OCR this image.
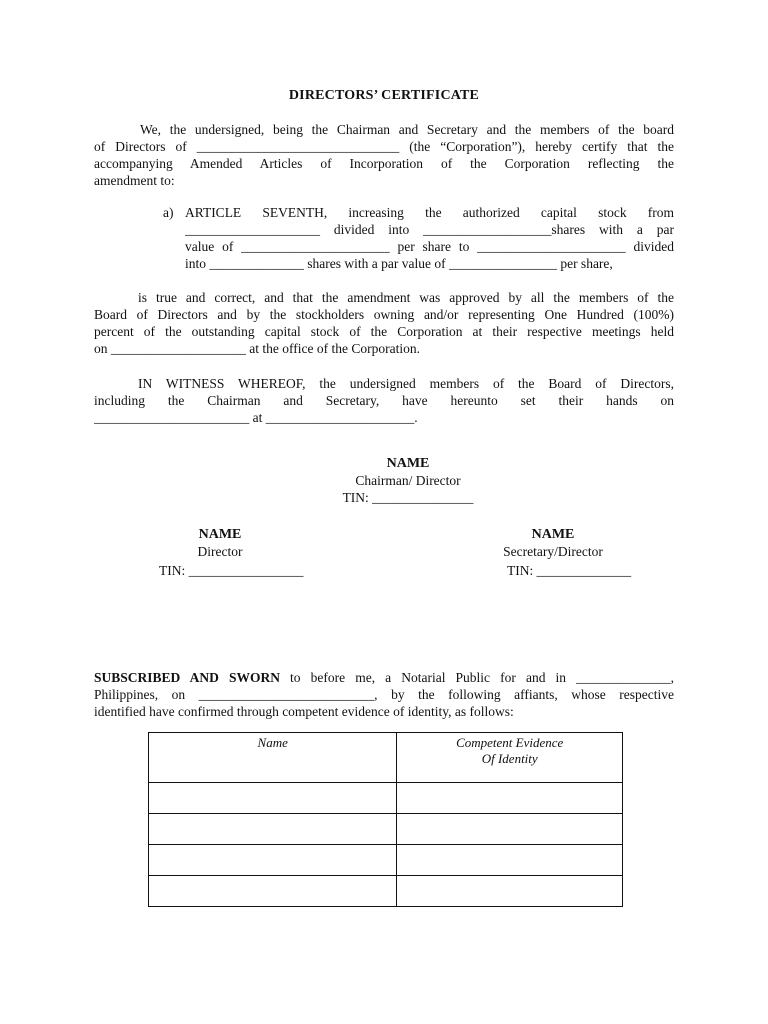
DIRECTORS’ CERTIFICATE
We, the undersigned, being the Chairman and Secretary and the members of the board
of Directors of ______________________________ (the “Corporation”), hereby certify that the
accompanying Amended Articles of Incorporation of the Corporation reflecting the
amendment to:
a) ARTICLE SEVENTH, increasing the authorized capital stock from
____________________ divided into ___________________shares with a par
value of ______________________ per share to ______________________ divided
into ______________ shares with a par value of ________________ per share,
is true and correct, and that the amendment was approved by all the members of the
Board of Directors and by the stockholders owning and/or representing One Hundred (100%)
percent of the outstanding capital stock of the Corporation at their respective meetings held
on ____________________ at the office of the Corporation.
IN WITNESS WHEREOF, the undersigned members of the Board of Directors,
including the Chairman and Secretary, have hereunto set their hands on
_______________________ at ______________________.
NAME
Chairman/ Director
TIN: _______________
NAME
Director
TIN: _________________
NAME
Secretary/Director
TIN: ______________
SUBSCRIBED AND SWORN to before me, a Notarial Public for and in ______________,
Philippines, on __________________________, by the following affiants, whose respective
identified have confirmed through competent evidence of identity, as follows:
Name	Competent Evidence
Of Identity
